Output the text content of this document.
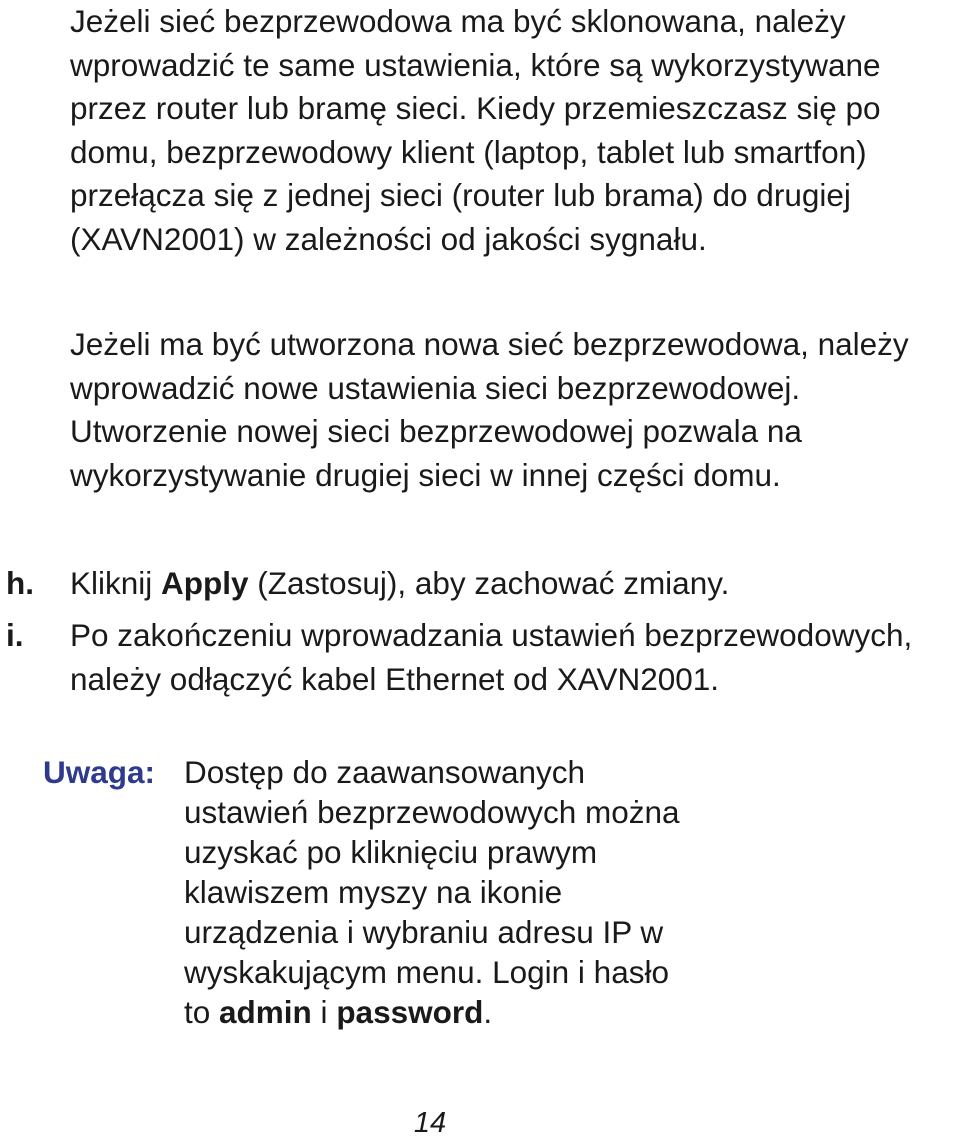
Jeżeli sieć bezprzewodowa ma być sklonowana, należy wprowadzić te same ustawienia, które są wykorzystywane przez router lub bramę sieci. Kiedy przemieszczasz się po domu, bezprzewodowy klient (laptop, tablet lub smartfon) przełącza się z jednej sieci (router lub brama) do drugiej (XAVN2001) w zależności od jakości sygnału.

Jeżeli ma być utworzona nowa sieć bezprzewodowa, należy wprowadzić nowe ustawienia sieci bezprzewodowej. Utworzenie nowej sieci bezprzewodowej pozwala na wykorzystywanie drugiej sieci w innej części domu.

h. Kliknij Apply (Zastosuj), aby zachować zmiany.
i. Po zakończeniu wprowadzania ustawień bezprzewodowych, należy odłączyć kabel Ethernet od XAVN2001.
Uwaga: Dostęp do zaawansowanych
ustawień bezprzewodowych można
uzyskać po kliknięciu prawym
klawiszem myszy na ikonie
urządzenia i wybraniu adresu IP w
wyskakującym menu. Login i hasło
to admin i password.
14
